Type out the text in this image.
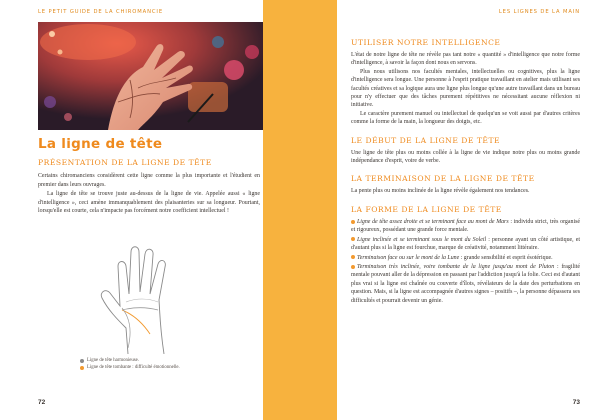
LE PETIT GUIDE DE LA CHIROMANCIE
La ligne de tête
PRÉSENTATION DE LA LIGNE DE TÊTE

Certains chiromanciens considèrent cette ligne comme la plus importante et l'étudient en premier dans leurs ouvrages.

La ligne de tête se trouve juste au-dessus de la ligne de vie. Appelée aussi « ligne d'intelligence », ceci amène immanquablement des plaisanteries sur sa longueur. Pourtant, lorsqu'elle est courte, cela n'impacte pas forcément notre coefficient intellectuel !

Ligne de tête harmonieuse.
Ligne de tête tombante : difficulté émotionnelle.
72
LES LIGNES DE LA MAIN
UTILISER NOTRE INTELLIGENCE

L'état de notre ligne de tête ne révèle pas tant notre « quantité » d'intelligence que notre forme d'intelligence, à savoir la façon dont nous en servons.

Plus nous utilisons nos facultés mentales, intellectuelles ou cognitives, plus la ligne d'intelligence sera longue. Une personne à l'esprit pratique travaillant en atelier mais utilisant ses facultés créatives et sa logique aura une ligne plus longue qu'une autre travaillant dans un bureau pour n'y effectuer que des tâches purement répétitives ne nécessitant aucune réflexion ni initiative.

Le caractère purement manuel ou intellectuel de quelqu'un se voit aussi par d'autres critères comme la forme de la main, la longueur des doigts, etc.

LE DÉBUT DE LA LIGNE DE TÊTE

Une ligne de tête plus ou moins collée à la ligne de vie indique notre plus ou moins grande indépendance d'esprit, voire de verbe.

LA TERMINAISON DE LA LIGNE DE TÊTE

La pente plus ou moins inclinée de la ligne révèle également nos tendances.

LA FORME DE LA LIGNE DE TÊTE
Ligne de tête assez droite et se terminant face au mont de Mars : individu strict, très organisé et rigoureux, possédant une grande force mentale.
Ligne inclinée et se terminant sous le mont du Soleil : personne ayant un côté artistique, et d'autant plus si la ligne est fourchue, marque de créativité, notamment littéraire.
Terminaison face ou sur le mont de la Lune : grande sensibilité et esprit ésotérique.
Terminaison très inclinée, voire tombante de la ligne jusqu'au mont de Pluton : fragilité mentale pouvant aller de la dépression en passant par l'addiction jusqu'à la folie. Ceci est d'autant plus vrai si la ligne est chaînée ou couverte d'îlots, révélateurs de la date des perturbations en question. Mais, si la ligne est accompagnée d'autres signes – positifs –, la personne dépassera ses difficultés et pourrait devenir un génie.
73
